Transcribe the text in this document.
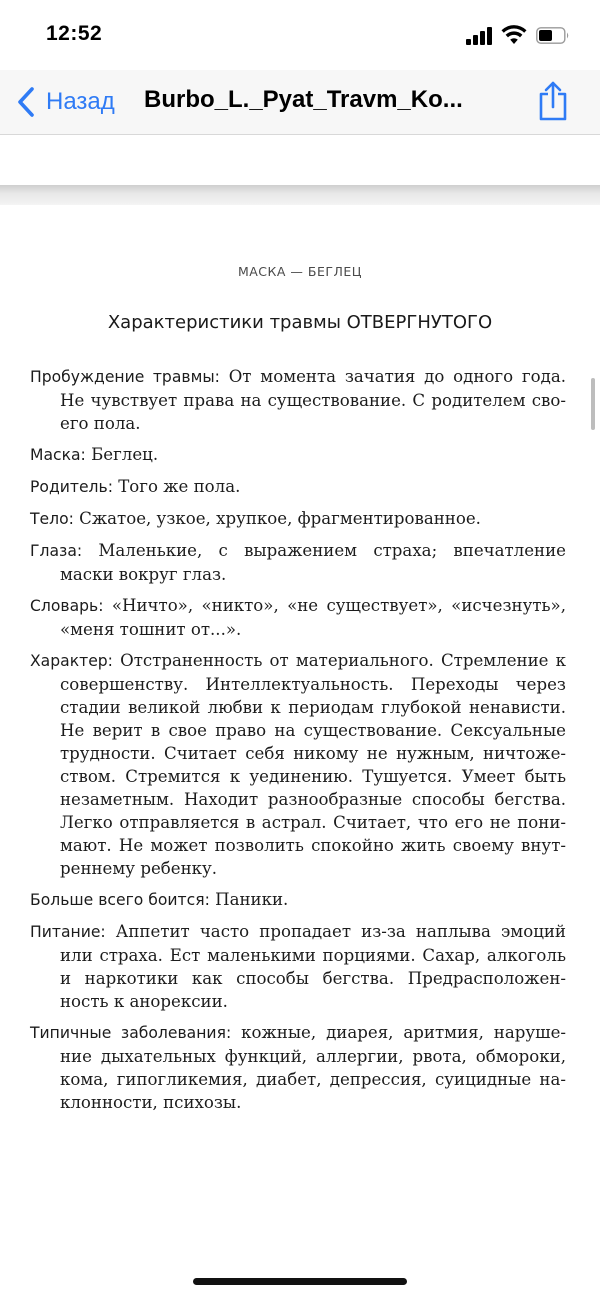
12:52
Назад Burbo_L._Pyat_Travm_Ko...
МАСКА — БЕГЛЕЦ
Характеристики травмы ОТВЕРГНУТОГО

Пробуждение травмы: От момента зачатия до одного года. Не чувствует права на существование. С родителем своего пола.

Маска: Беглец.

Родитель: Того же пола.

Тело: Сжатое, узкое, хрупкое, фрагментированное.

Глаза: Маленькие, с выражением страха; впечатление маски вокруг глаз.

Словарь: «Ничто», «никто», «не существует», «исчезнуть», «меня тошнит от...».

Характер: Отстраненность от материального. Стремление к совершенству. Интеллектуальность. Переходы через стадии великой любви к периодам глубокой ненависти. Не верит в свое право на существование. Сексуальные трудности. Считает себя никому не нужным, ничтожеством. Стремится к уединению. Тушуется. Умеет быть незаметным. Находит разнообразные способы бегства. Легко отправляется в астрал. Считает, что его не понимают. Не может позволить спокойно жить своему внутреннему ребенку.

Больше всего боится: Паники.

Питание: Аппетит часто пропадает из-за наплыва эмоций или страха. Ест маленькими порциями. Сахар, алкоголь и наркотики как способы бегства. Предрасположенность к анорексии.

Типичные заболевания: кожные, диарея, аритмия, нарушение дыхательных функций, аллергии, рвота, обмороки, кома, гипогликемия, диабет, депрессия, суицидные наклонности, психозы.
